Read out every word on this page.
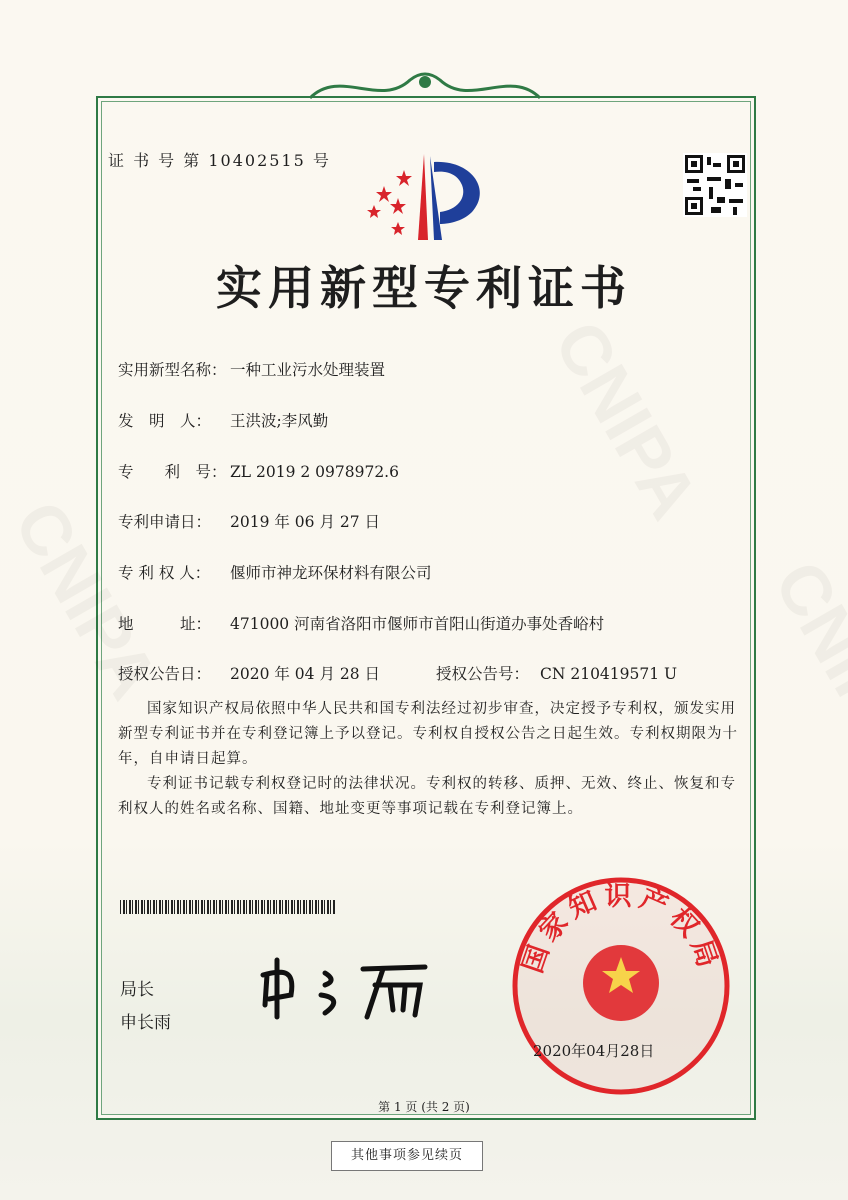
证 书 号 第 10402515 号
实用新型专利证书
实用新型名称： 一种工业污水处理装置
发　明　人： 王洪波;李风勤
专　　利　号： ZL 2019 2 0978972.6
专利申请日： 2019 年 06 月 27 日
专 利 权 人： 偃师市神龙环保材料有限公司
地　　　址： 471000 河南省洛阳市偃师市首阳山街道办事处香峪村
授权公告日： 2020 年 04 月 28 日	授权公告号： CN 210419571 U
国家知识产权局依照中华人民共和国专利法经过初步审查，决定授予专利权，颁发实用新型专利证书并在专利登记簿上予以登记。专利权自授权公告之日起生效。专利权期限为十年，自申请日起算。
专利证书记载专利权登记时的法律状况。专利权的转移、质押、无效、终止、恢复和专利权人的姓名或名称、国籍、地址变更等事项记载在专利登记簿上。
局长
申长雨
国家知识产权局
2020年04月28日
第 1 页 (共 2 页)
其他事项参见续页
